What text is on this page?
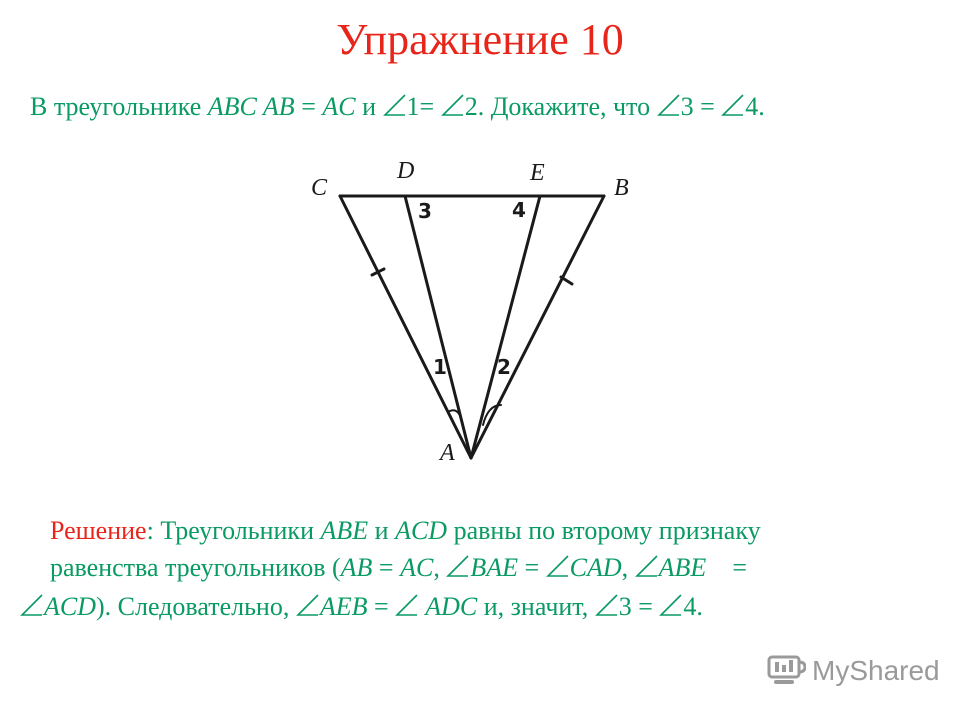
Упражнение 10
В треугольнике ABC AB = AC и
1=
2. Докажите, что
3 =
4.
C
D	E
B
A
3	4
1	2
Решение: Треугольники ABE и ACD равны по второму признаку
равенства треугольников (AB = AC,
BAE =
CAD,
ABE    =
ACD). Следовательно,
AEB =
ADC и, значит,
3 =
4.
MyShared
